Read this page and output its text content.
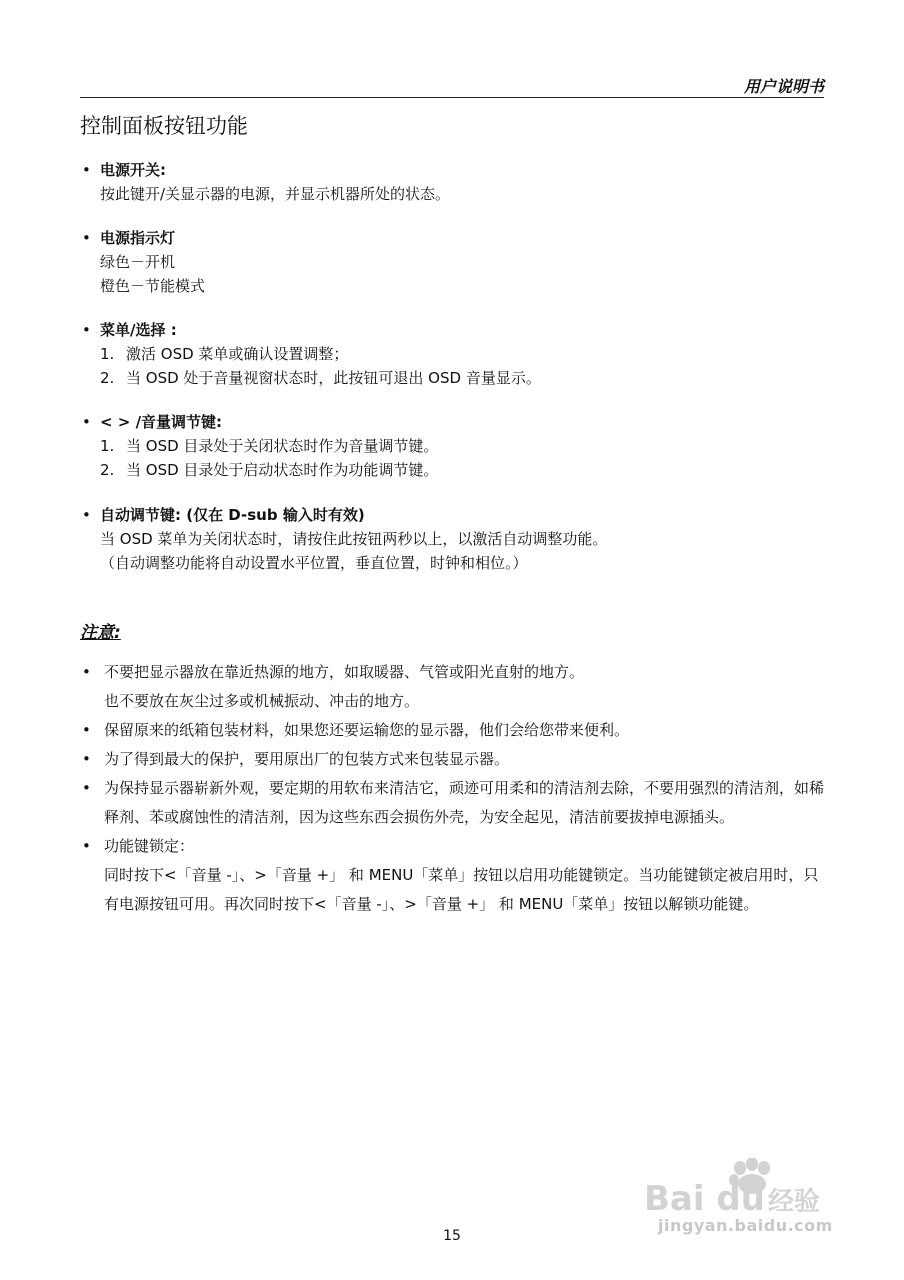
用户说明书
控制面板按钮功能
• 电源开关:
按此键开/关显示器的电源，并显示机器所处的状态。
• 电源指示灯
绿色－开机
橙色－节能模式
• 菜单/选择 :
1. 激活 OSD 菜单或确认设置调整；
2. 当 OSD 处于音量视窗状态时，此按钮可退出 OSD 音量显示。
• < > /音量调节键:
1. 当 OSD 目录处于关闭状态时作为音量调节键。
2. 当 OSD 目录处于启动状态时作为功能调节键。
• 自动调节键: (仅在 D-sub 输入时有效)
当 OSD 菜单为关闭状态时，请按住此按钮两秒以上，以激活自动调整功能。
（自动调整功能将自动设置水平位置，垂直位置，时钟和相位。）
注意:
• 不要把显示器放在靠近热源的地方，如取暖器、气管或阳光直射的地方。
也不要放在灰尘过多或机械振动、冲击的地方。
• 保留原来的纸箱包装材料，如果您还要运输您的显示器，他们会给您带来便利。
• 为了得到最大的保护，要用原出厂的包装方式来包装显示器。
• 为保持显示器崭新外观，要定期的用软布来清洁它，顽迹可用柔和的清洁剂去除，不要用强烈的清洁剂，如稀释剂、苯或腐蚀性的清洁剂，因为这些东西会损伤外壳，为安全起见，清洁前要拔掉电源插头。
• 功能键锁定：
同时按下<「音量 -」、>「音量 +」 和 MENU「菜单」按钮以启用功能键锁定。当功能键锁定被启用时，只有电源按钮可用。再次同时按下<「音量 -」、>「音量 +」 和 MENU「菜单」按钮以解锁功能键。
15
Bai du 经验
jingyan.baidu.com
